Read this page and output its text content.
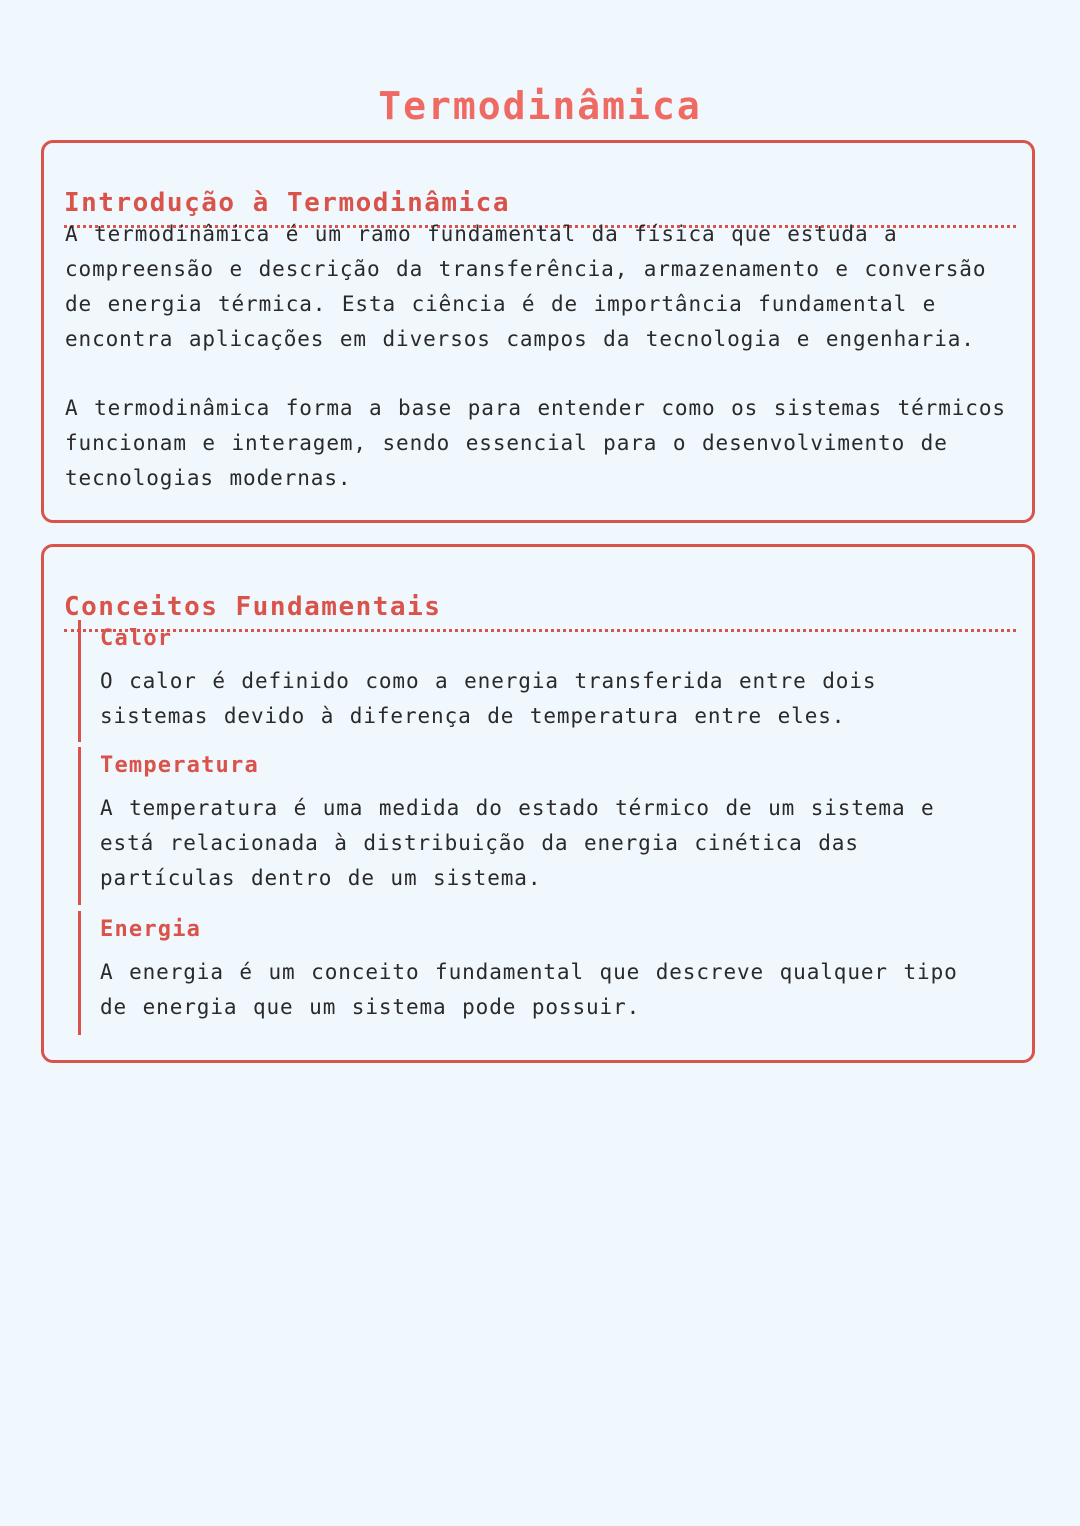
Termodinâmica
Introdução à Termodinâmica

A termodinâmica é um ramo fundamental da física que estuda a compreensão e descrição da transferência, armazenamento e conversão de energia térmica. Esta ciência é de importância fundamental e encontra aplicações em diversos campos da tecnologia e engenharia.

A termodinâmica forma a base para entender como os sistemas térmicos funcionam e interagem, sendo essencial para o desenvolvimento de tecnologias modernas.

Conceitos Fundamentais
Calor
O calor é definido como a energia transferida entre dois sistemas devido à diferença de temperatura entre eles.
Temperatura
A temperatura é uma medida do estado térmico de um sistema e está relacionada à distribuição da energia cinética das partículas dentro de um sistema.
Energia
A energia é um conceito fundamental que descreve qualquer tipo de energia que um sistema pode possuir.
